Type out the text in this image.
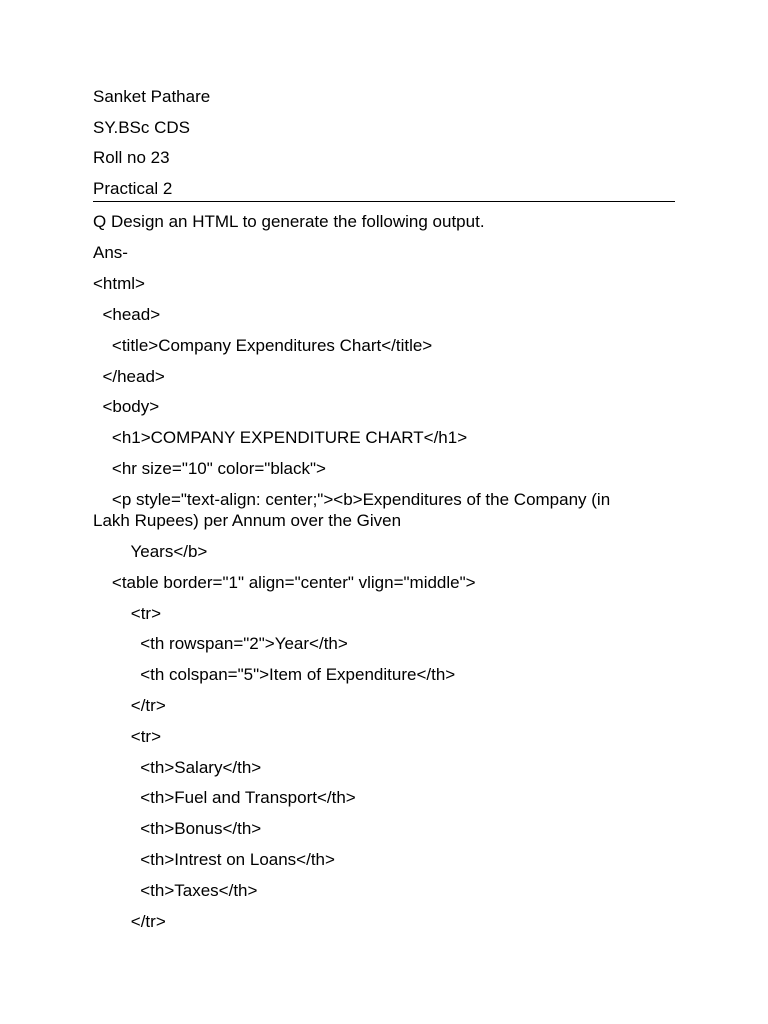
Sanket Pathare
SY.BSc CDS
Roll no 23
Practical 2
Q Design an HTML to generate the following output.
Ans-
<html>
<head>
<title>Company Expenditures Chart</title>
</head>
<body>
<h1>COMPANY EXPENDITURE CHART</h1>
<hr size="10" color="black">
<p style="text-align: center;"><b>Expenditures of the Company (in
Lakh Rupees) per Annum over the Given
Years</b>
<table border="1" align="center" vlign="middle">
<tr>
<th rowspan="2">Year</th>
<th colspan="5">Item of Expenditure</th>
</tr>
<tr>
<th>Salary</th>
<th>Fuel and Transport</th>
<th>Bonus</th>
<th>Intrest on Loans</th>
<th>Taxes</th>
</tr>
